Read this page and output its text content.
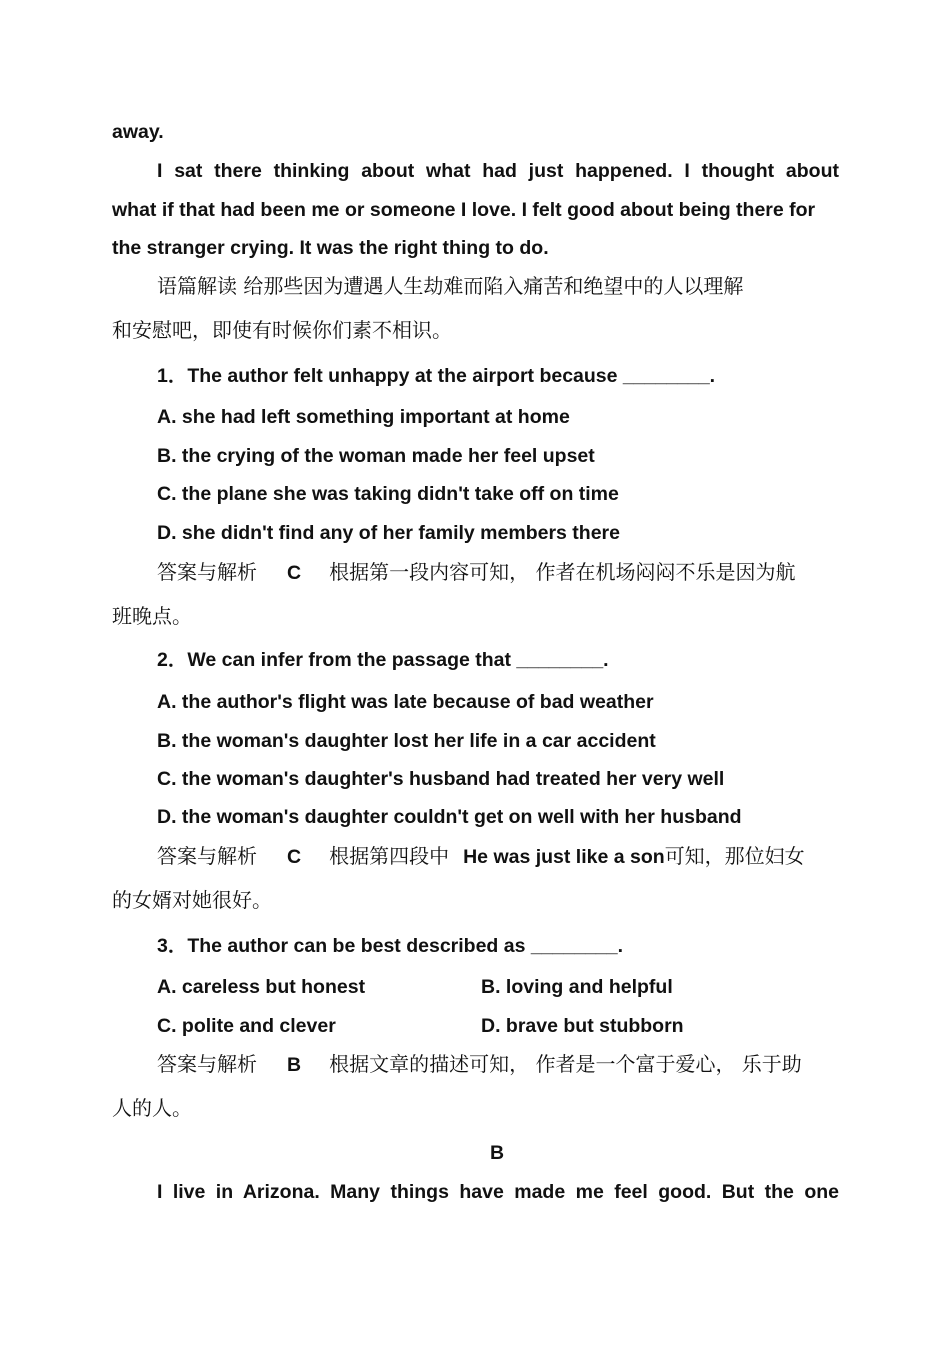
away.
I sat there thinking about what had just happened. I thought about
what if that had been me or someone I love. I felt good about being there for
the stranger crying. It was the right thing to do.
语篇解读 给那些因为遭遇人生劫难而陷入痛苦和绝望中的人以理解
和安慰吧，即使有时候你们素不相识。
1．The author felt unhappy at the airport because ________.
A. she had left something important at home
B. the crying of the woman made her feel upset
C. the plane she was taking didn't take off on time
D. she didn't find any of her family members there
答案与解析 C 根据第一段内容可知， 作者在机场闷闷不乐是因为航
班晚点。
2．We can infer from the passage that ________.
A. the author's flight was late because of bad weather
B. the woman's daughter lost her life in a car accident
C. the woman's daughter's husband had treated her very well
D. the woman's daughter couldn't get on well with her husband
答案与解析 C 根据第四段中 He was just like a son可知，那位妇女
的女婿对她很好。
3．The author can be best described as ________.
A. careless but honest	B. loving and helpful
C. polite and clever	D. brave but stubborn
答案与解析 B 根据文章的描述可知， 作者是一个富于爱心， 乐于助
人的人。
B
I live in Arizona. Many things have made me feel good. But the one
